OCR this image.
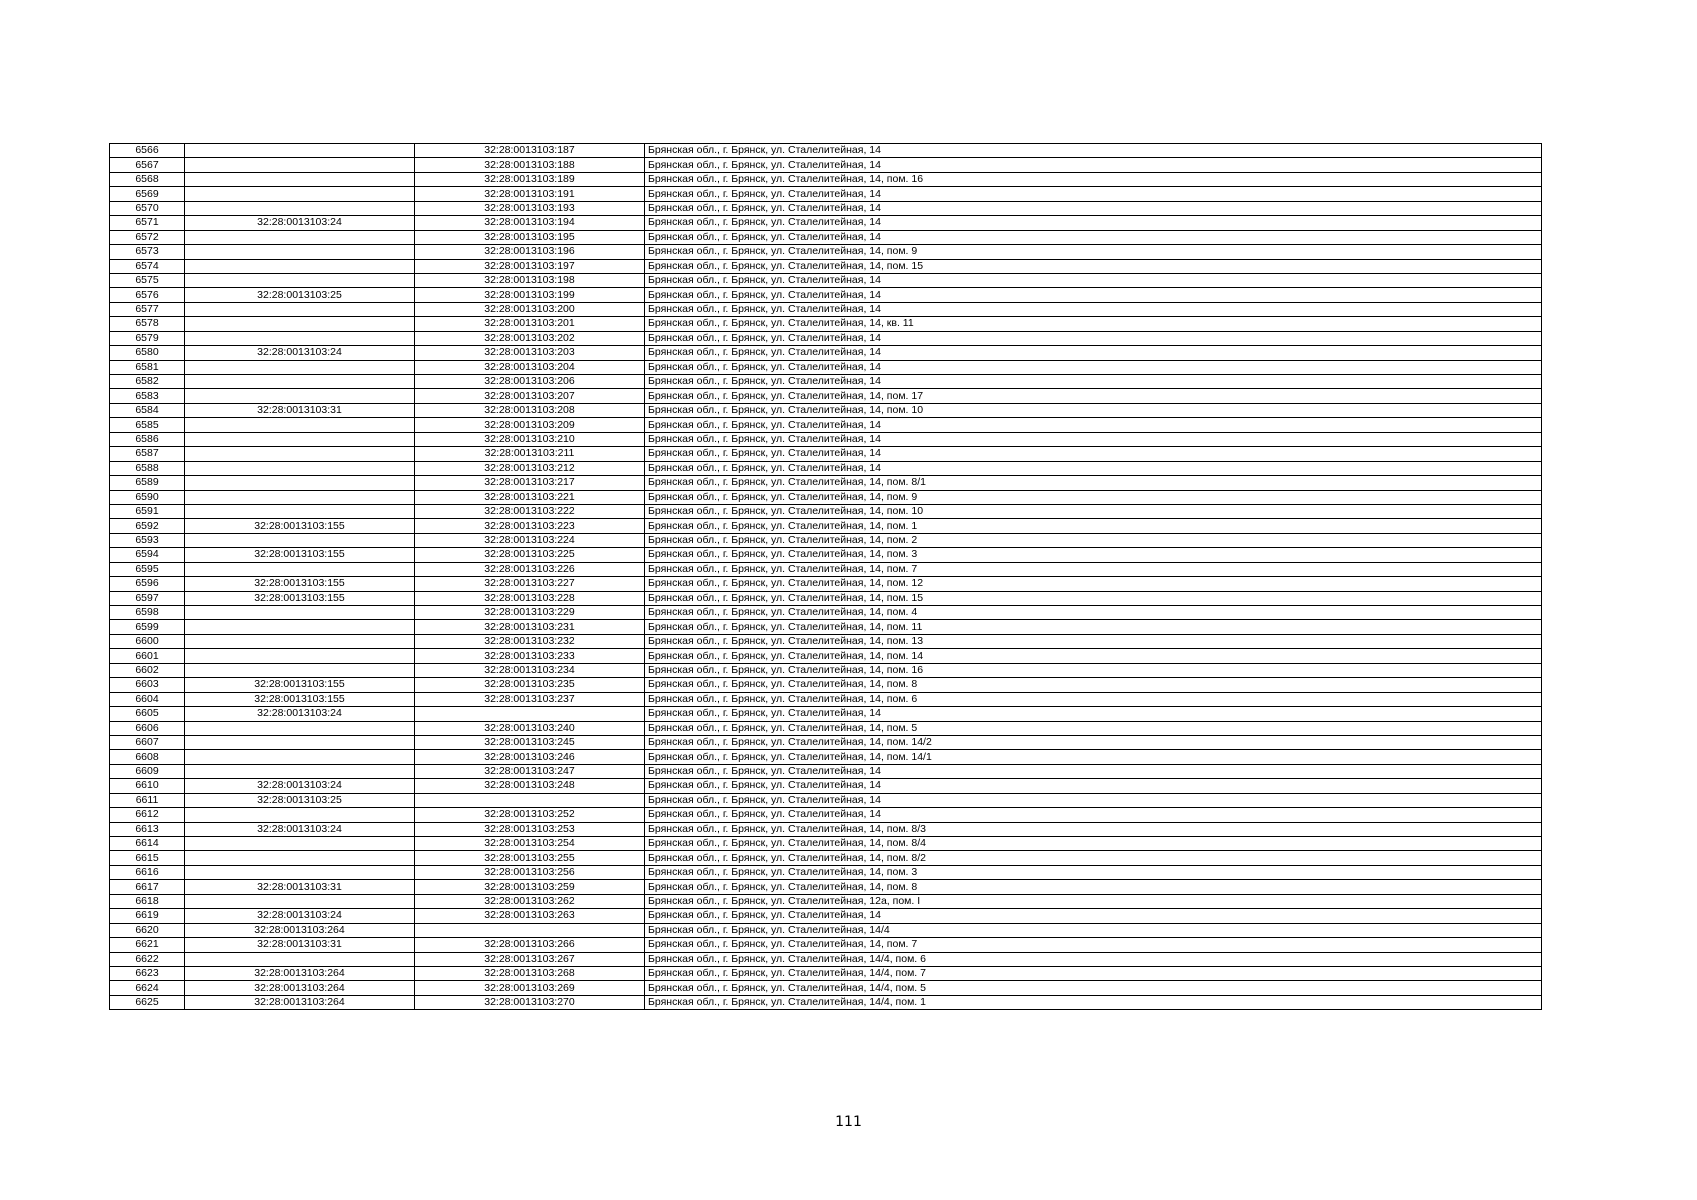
6566		32:28:0013103:187	Брянская обл., г. Брянск, ул. Сталелитейная, 14
6567		32:28:0013103:188	Брянская обл., г. Брянск, ул. Сталелитейная, 14
6568		32:28:0013103:189	Брянская обл., г. Брянск, ул. Сталелитейная, 14, пом. 16
6569		32:28:0013103:191	Брянская обл., г. Брянск, ул. Сталелитейная, 14
6570		32:28:0013103:193	Брянская обл., г. Брянск, ул. Сталелитейная, 14
6571	32:28:0013103:24	32:28:0013103:194	Брянская обл., г. Брянск, ул. Сталелитейная, 14
6572		32:28:0013103:195	Брянская обл., г. Брянск, ул. Сталелитейная, 14
6573		32:28:0013103:196	Брянская обл., г. Брянск, ул. Сталелитейная, 14, пом. 9
6574		32:28:0013103:197	Брянская обл., г. Брянск, ул. Сталелитейная, 14, пом. 15
6575		32:28:0013103:198	Брянская обл., г. Брянск, ул. Сталелитейная, 14
6576	32:28:0013103:25	32:28:0013103:199	Брянская обл., г. Брянск, ул. Сталелитейная, 14
6577		32:28:0013103:200	Брянская обл., г. Брянск, ул. Сталелитейная, 14
6578		32:28:0013103:201	Брянская обл., г. Брянск, ул. Сталелитейная, 14, кв. 11
6579		32:28:0013103:202	Брянская обл., г. Брянск, ул. Сталелитейная, 14
6580	32:28:0013103:24	32:28:0013103:203	Брянская обл., г. Брянск, ул. Сталелитейная, 14
6581		32:28:0013103:204	Брянская обл., г. Брянск, ул. Сталелитейная, 14
6582		32:28:0013103:206	Брянская обл., г. Брянск, ул. Сталелитейная, 14
6583		32:28:0013103:207	Брянская обл., г. Брянск, ул. Сталелитейная, 14, пом. 17
6584	32:28:0013103:31	32:28:0013103:208	Брянская обл., г. Брянск, ул. Сталелитейная, 14, пом. 10
6585		32:28:0013103:209	Брянская обл., г. Брянск, ул. Сталелитейная, 14
6586		32:28:0013103:210	Брянская обл., г. Брянск, ул. Сталелитейная, 14
6587		32:28:0013103:211	Брянская обл., г. Брянск, ул. Сталелитейная, 14
6588		32:28:0013103:212	Брянская обл., г. Брянск, ул. Сталелитейная, 14
6589		32:28:0013103:217	Брянская обл., г. Брянск, ул. Сталелитейная, 14, пом. 8/1
6590		32:28:0013103:221	Брянская обл., г. Брянск, ул. Сталелитейная, 14, пом. 9
6591		32:28:0013103:222	Брянская обл., г. Брянск, ул. Сталелитейная, 14, пом. 10
6592	32:28:0013103:155	32:28:0013103:223	Брянская обл., г. Брянск, ул. Сталелитейная, 14, пом. 1
6593		32:28:0013103:224	Брянская обл., г. Брянск, ул. Сталелитейная, 14, пом. 2
6594	32:28:0013103:155	32:28:0013103:225	Брянская обл., г. Брянск, ул. Сталелитейная, 14, пом. 3
6595		32:28:0013103:226	Брянская обл., г. Брянск, ул. Сталелитейная, 14, пом. 7
6596	32:28:0013103:155	32:28:0013103:227	Брянская обл., г. Брянск, ул. Сталелитейная, 14, пом. 12
6597	32:28:0013103:155	32:28:0013103:228	Брянская обл., г. Брянск, ул. Сталелитейная, 14, пом. 15
6598		32:28:0013103:229	Брянская обл., г. Брянск, ул. Сталелитейная, 14, пом. 4
6599		32:28:0013103:231	Брянская обл., г. Брянск, ул. Сталелитейная, 14, пом. 11
6600		32:28:0013103:232	Брянская обл., г. Брянск, ул. Сталелитейная, 14, пом. 13
6601		32:28:0013103:233	Брянская обл., г. Брянск, ул. Сталелитейная, 14, пом. 14
6602		32:28:0013103:234	Брянская обл., г. Брянск, ул. Сталелитейная, 14, пом. 16
6603	32:28:0013103:155	32:28:0013103:235	Брянская обл., г. Брянск, ул. Сталелитейная, 14, пом. 8
6604	32:28:0013103:155	32:28:0013103:237	Брянская обл., г. Брянск, ул. Сталелитейная, 14, пом. 6
6605	32:28:0013103:24		Брянская обл., г. Брянск, ул. Сталелитейная, 14
6606		32:28:0013103:240	Брянская обл., г. Брянск, ул. Сталелитейная, 14, пом. 5
6607		32:28:0013103:245	Брянская обл., г. Брянск, ул. Сталелитейная, 14, пом. 14/2
6608		32:28:0013103:246	Брянская обл., г. Брянск, ул. Сталелитейная, 14, пом. 14/1
6609		32:28:0013103:247	Брянская обл., г. Брянск, ул. Сталелитейная, 14
6610	32:28:0013103:24	32:28:0013103:248	Брянская обл., г. Брянск, ул. Сталелитейная, 14
6611	32:28:0013103:25		Брянская обл., г. Брянск, ул. Сталелитейная, 14
6612		32:28:0013103:252	Брянская обл., г. Брянск, ул. Сталелитейная, 14
6613	32:28:0013103:24	32:28:0013103:253	Брянская обл., г. Брянск, ул. Сталелитейная, 14, пом. 8/3
6614		32:28:0013103:254	Брянская обл., г. Брянск, ул. Сталелитейная, 14, пом. 8/4
6615		32:28:0013103:255	Брянская обл., г. Брянск, ул. Сталелитейная, 14, пом. 8/2
6616		32:28:0013103:256	Брянская обл., г. Брянск, ул. Сталелитейная, 14, пом. 3
6617	32:28:0013103:31	32:28:0013103:259	Брянская обл., г. Брянск, ул. Сталелитейная, 14, пом. 8
6618		32:28:0013103:262	Брянская обл., г. Брянск, ул. Сталелитейная, 12а, пом. I
6619	32:28:0013103:24	32:28:0013103:263	Брянская обл., г. Брянск, ул. Сталелитейная, 14
6620	32:28:0013103:264		Брянская обл., г. Брянск, ул. Сталелитейная, 14/4
6621	32:28:0013103:31	32:28:0013103:266	Брянская обл., г. Брянск, ул. Сталелитейная, 14, пом. 7
6622		32:28:0013103:267	Брянская обл., г. Брянск, ул. Сталелитейная, 14/4, пом. 6
6623	32:28:0013103:264	32:28:0013103:268	Брянская обл., г. Брянск, ул. Сталелитейная, 14/4, пом. 7
6624	32:28:0013103:264	32:28:0013103:269	Брянская обл., г. Брянск, ул. Сталелитейная, 14/4, пом. 5
6625	32:28:0013103:264	32:28:0013103:270	Брянская обл., г. Брянск, ул. Сталелитейная, 14/4, пом. 1
111
